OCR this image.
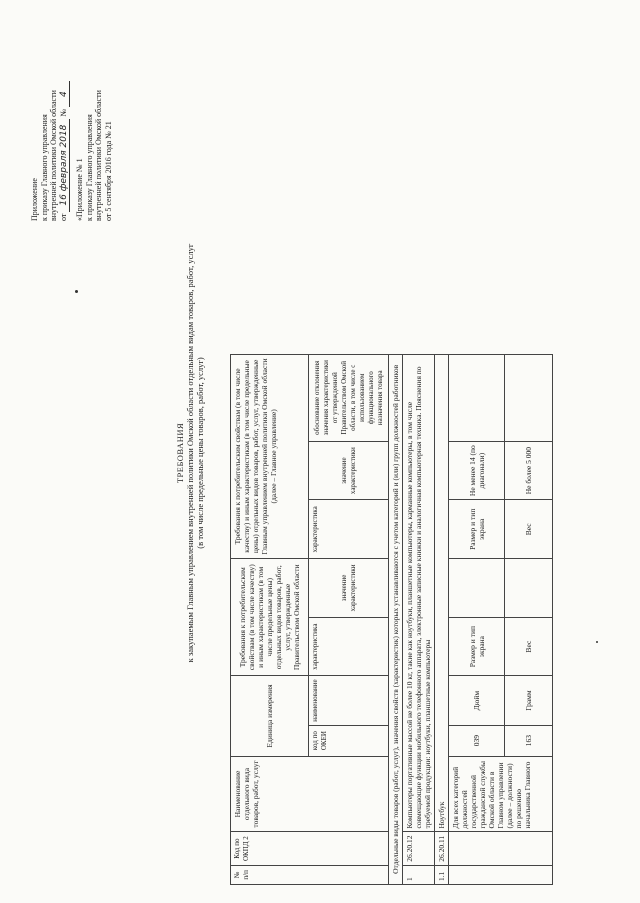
Приложение к приказу Главного управления внутренней политики Омской области от 16 февраля 2018 № 4
«Приложение № 1 к приказу Главного управления внутренней политики Омской области от 5 сентября 2016 года № 21
ТРЕБОВАНИЯ к закупаемым Главным управлением внутренней политики Омской области отдельным видам товаров, работ, услуг (в том числе предельные цены товаров, работ, услуг)
№ п/п	Код по ОКПД 2	Наименование отдельного вида товаров, работ, услуг	Единица измерения		Требования к потребительским свойствам (в том числе качеству) и иным характеристикам (в том числе предельные цены) отдельных видов товаров, работ, услуг, утвержденные Правительством Омской области		Требования к потребительским свойствам (в том числе качеству) и иным характеристикам (в том числе предельные цены) отдельных видов товаров, работ, услуг, утвержденные Главным управлением внутренней политики Омской области (далее – Главное управление)			
			код по ОКЕИ	наименование	характеристика	значение характеристики	характеристика	значение характеристики	обоснование отклонения значения характеристики от утвержденной Правительством Омской области, в том числе с использованием функционального назначения товара	
Отдельные виды товаров (работ, услуг), значения свойств (характеристик) которых устанавливаются с учетом категорий и (или) групп должностей работников										
1	26.20.12	Компьютеры портативные массой не более 10 кг, такие как ноутбуки, планшетные компьютеры, карманные компьютеры, в том числе совмещающие функции мобильного телефонного аппарата, электронные записные книжки и аналогичная компьютерная техника. Пояснения по требуемой продукции: ноутбуки, планшетные компьютеры								
1.1	26.20.11	Ноутбук								
		Для всех категорий должностей государственной гражданской службы Омской области в Главном управлении (далее – должности) по решению начальника Главного	039	Дюйм	Размер и тип экрана		Размер и тип экрана	Не менее 14 (по диагонали)		
			163	Грамм	Вес		Вес	Не более 5 000		
